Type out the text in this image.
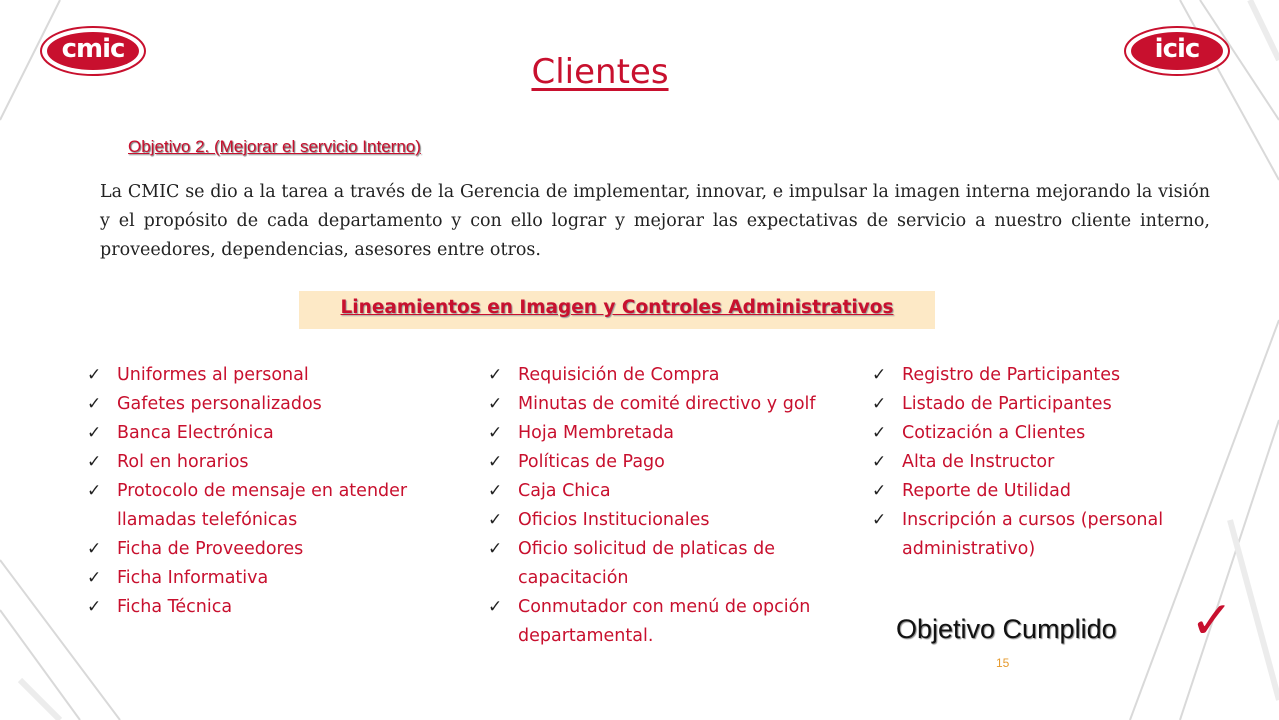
cmic	icic
Clientes
Objetivo 2. (Mejorar el servicio Interno)
La CMIC se dio a la tarea a través de la Gerencia de implementar, innovar, e impulsar la imagen interna mejorando la visión y el propósito de cada departamento y con ello lograr y mejorar las expectativas de servicio a nuestro cliente interno, proveedores, dependencias, asesores entre otros.
Lineamientos en Imagen y Controles Administrativos
✓ Uniformes al personal
✓ Gafetes personalizados
✓ Banca Electrónica
✓ Rol en horarios
✓ Protocolo de mensaje en atender llamadas telefónicas
✓ Ficha de Proveedores
✓ Ficha Informativa
✓ Ficha Técnica
✓ Requisición de Compra
✓ Minutas de comité directivo y golf
✓ Hoja Membretada
✓ Políticas de Pago
✓ Caja Chica
✓ Oficios Institucionales
✓ Oficio solicitud de platicas de capacitación
✓ Conmutador con menú de opción departamental.
✓ Registro de Participantes
✓ Listado de Participantes
✓ Cotización a Clientes
✓ Alta de Instructor
✓ Reporte de Utilidad
✓ Inscripción a cursos (personal administrativo)
Objetivo Cumplido ✓
15
